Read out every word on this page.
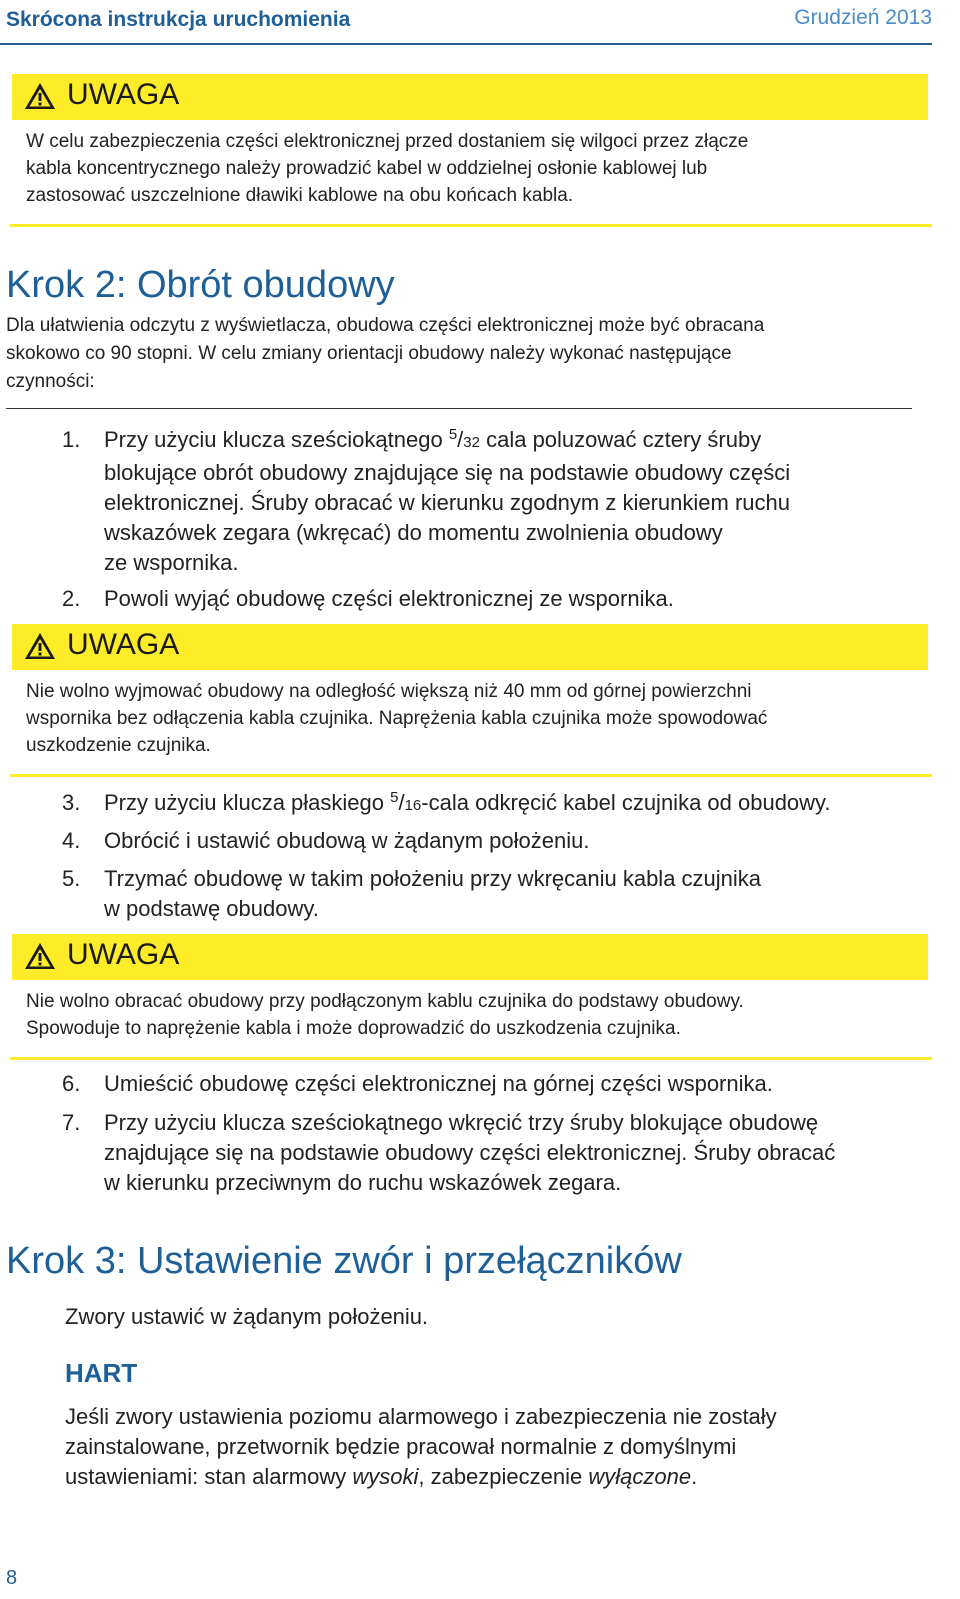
Skrócona instrukcja uruchomienia	Grudzień 2013
UWAGA
W celu zabezpieczenia części elektronicznej przed dostaniem się wilgoci przez złącze
kabla koncentrycznego należy prowadzić kabel w oddzielnej osłonie kablowej lub
zastosować uszczelnione dławiki kablowe na obu końcach kabla.
Krok 2: Obrót obudowy
Dla ułatwienia odczytu z wyświetlacza, obudowa części elektronicznej może być obracana
skokowo co 90 stopni. W celu zmiany orientacji obudowy należy wykonać następujące
czynności:
1.	Przy użyciu klucza sześciokątnego $^5$/32 cala poluzować cztery śruby
blokujące obrót obudowy znajdujące się na podstawie obudowy części
elektronicznej. Śruby obracać w kierunku zgodnym z kierunkiem ruchu
wskazówek zegara (wkręcać) do momentu zwolnienia obudowy
ze wspornika.
2.	Powoli wyjąć obudowę części elektronicznej ze wspornika.
UWAGA
Nie wolno wyjmować obudowy na odległość większą niż 40 mm od górnej powierzchni
wspornika bez odłączenia kabla czujnika. Naprężenia kabla czujnika może spowodować
uszkodzenie czujnika.
3.	Przy użyciu klucza płaskiego $^5$/16-cala odkręcić kabel czujnika od obudowy.
4.	Obrócić i ustawić obudową w żądanym położeniu.
5.	Trzymać obudowę w takim położeniu przy wkręcaniu kabla czujnika
w podstawę obudowy.
UWAGA
Nie wolno obracać obudowy przy podłączonym kablu czujnika do podstawy obudowy.
Spowoduje to naprężenie kabla i może doprowadzić do uszkodzenia czujnika.
6.	Umieścić obudowę części elektronicznej na górnej części wspornika.
7.	Przy użyciu klucza sześciokątnego wkręcić trzy śruby blokujące obudowę
znajdujące się na podstawie obudowy części elektronicznej. Śruby obracać
w kierunku przeciwnym do ruchu wskazówek zegara.
Krok 3: Ustawienie zwór i przełączników
Zwory ustawić w żądanym położeniu.
HART
Jeśli zwory ustawienia poziomu alarmowego i zabezpieczenia nie zostały
zainstalowane, przetwornik będzie pracował normalnie z domyślnymi
ustawieniami: stan alarmowy wysoki, zabezpieczenie wyłączone.
8
